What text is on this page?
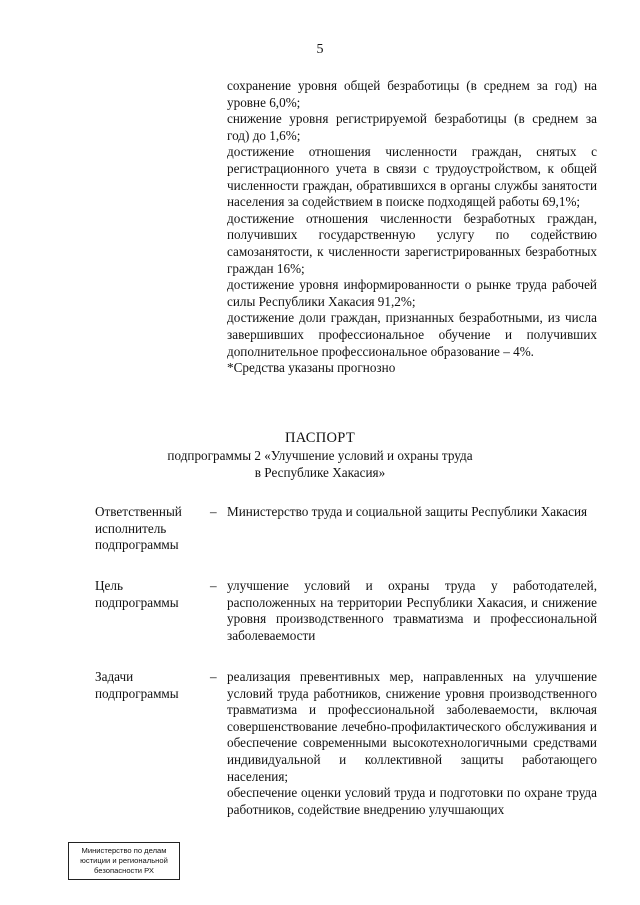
5

сохранение уровня общей безработицы (в среднем за год) на уровне 6,0%;

снижение уровня регистрируемой безработицы (в среднем за год) до 1,6%;

достижение отношения численности граждан, снятых с регистрационного учета в связи с трудоустройством, к общей численности граждан, обратившихся в органы службы занятости населения за содействием в поиске подходящей работы 69,1%;

достижение отношения численности безработных граждан, получивших государственную услугу по содействию самозанятости, к численности зарегистрированных безработных граждан 16%;

достижение уровня информированности о рынке труда рабочей силы Республики Хакасия 91,2%;

достижение доли граждан, признанных безработными, из числа завершивших профессиональное обучение и получивших дополнительное профессиональное образование – 4%.

*Средства указаны прогнозно

ПАСПОРТ
подпрограммы 2 «Улучшение условий и охраны труда
в Республике Хакасия»
Ответственный исполнитель подпрограммы
– Министерство труда и социальной защиты Республики Хакасия

Цель подпрограммы
– улучшение условий и охраны труда у работодателей, расположенных на территории Республики Хакасия, и снижение уровня производственного травматизма и профессиональной заболеваемости

Задачи подпрограммы
– реализация превентивных мер, направленных на улучшение условий труда работников, снижение уровня производственного травматизма и профессиональной заболеваемости, включая совершенствование лечебно-профилактического обслуживания и обеспечение современными высокотехнологичными средствами индивидуальной и коллективной защиты работающего населения;

обеспечение оценки условий труда и подготовки по охране труда работников, содействие внедрению улучшающих

Министерство по делам
юстиции и региональной
безопасности РХ
